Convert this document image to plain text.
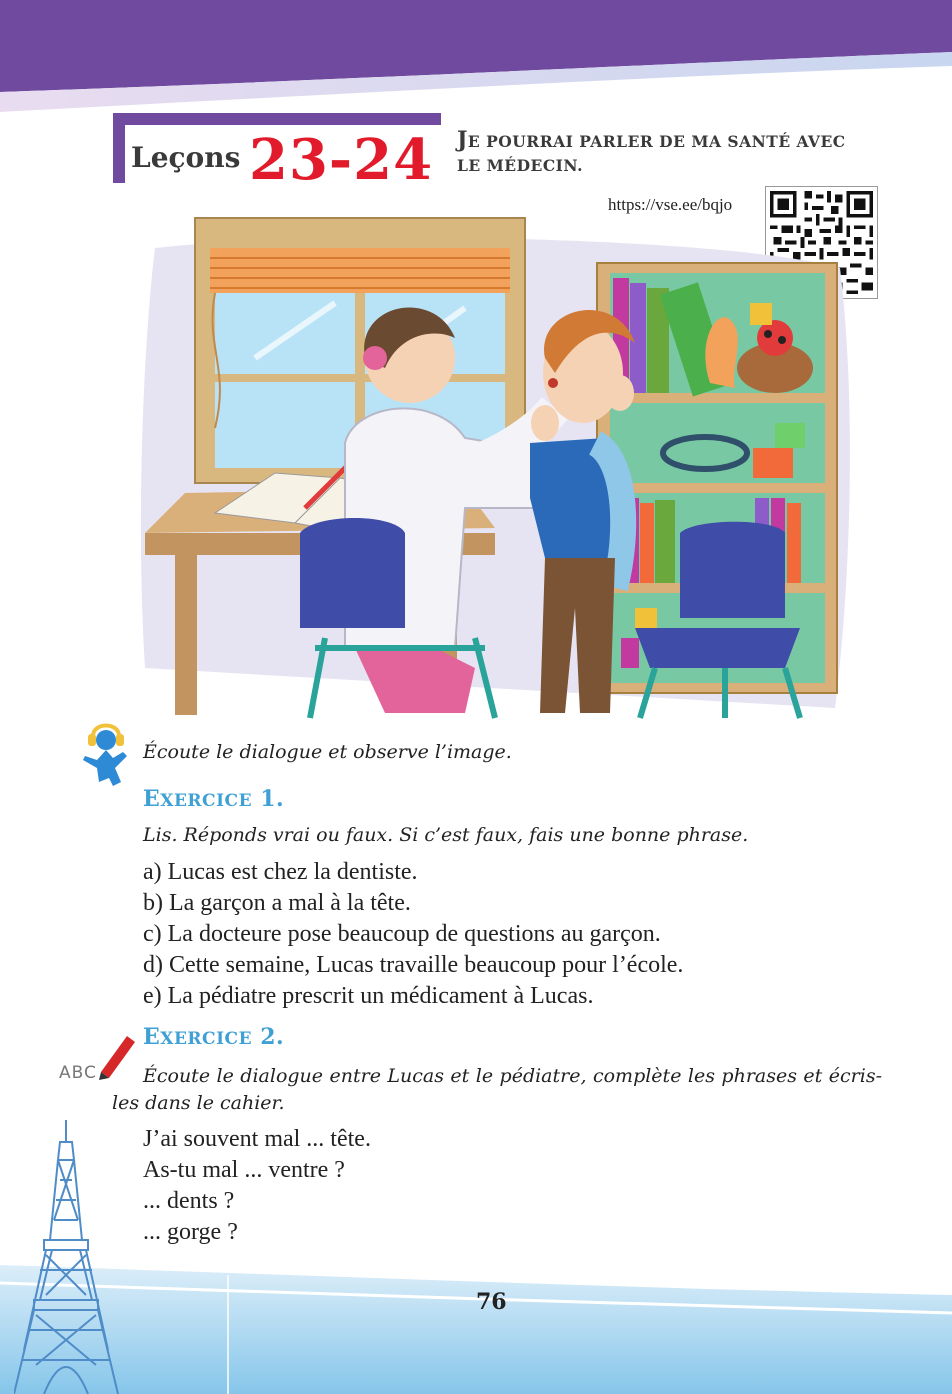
Leçons 23-24 JE POURRAI PARLER DE MA SANTÉ AVEC
LE MÉDECIN.
https://vse.ee/bqjo
Écoute le dialogue et observe l’image.
EXERCICE 1.
Lis. Réponds vrai ou faux. Si c’est faux, fais une bonne phrase.
a) Lucas est chez la dentiste.
b) La garçon a mal à la tête.
c) La docteure pose beaucoup de questions au garçon.
d) Cette semaine, Lucas travaille beaucoup pour l’école.
e) La pédiatre prescrit un médicament à Lucas.
ABC
EXERCICE 2.
Écoute le dialogue entre Lucas et le pédiatre, complète les phrases et écris-les dans le cahier.
J’ai souvent mal ... tête.
As-tu mal ... ventre ?
... dents ?
... gorge ?
76
